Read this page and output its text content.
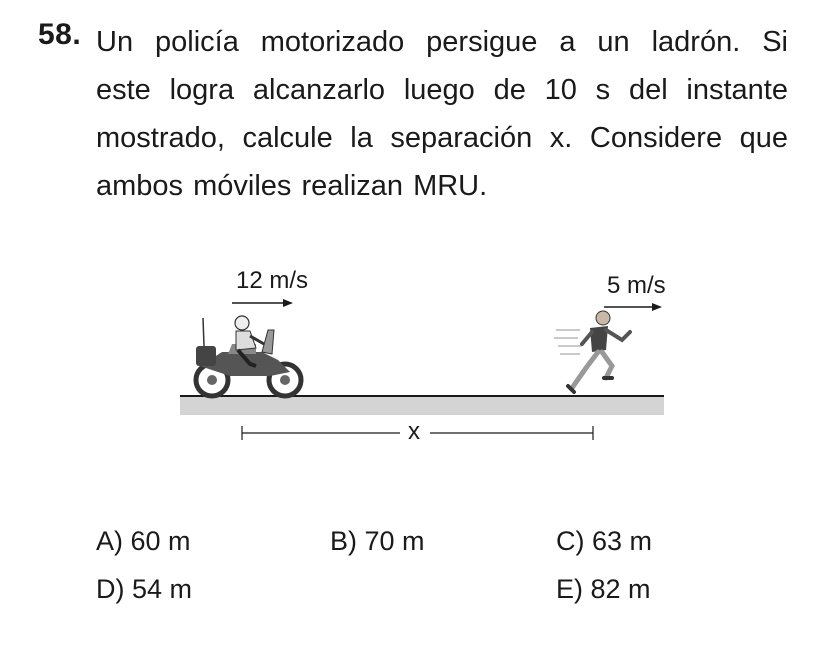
58. Un policía motorizado persigue a un ladrón. Si
este logra alcanzarlo luego de 10 s del instante
mostrado, calcule la separación x. Considere que
ambos móviles realizan MRU.
12 m/s	5 m/s
x
A) 60 m	B) 70 m	C) 63 m
D) 54 m	E) 82 m
